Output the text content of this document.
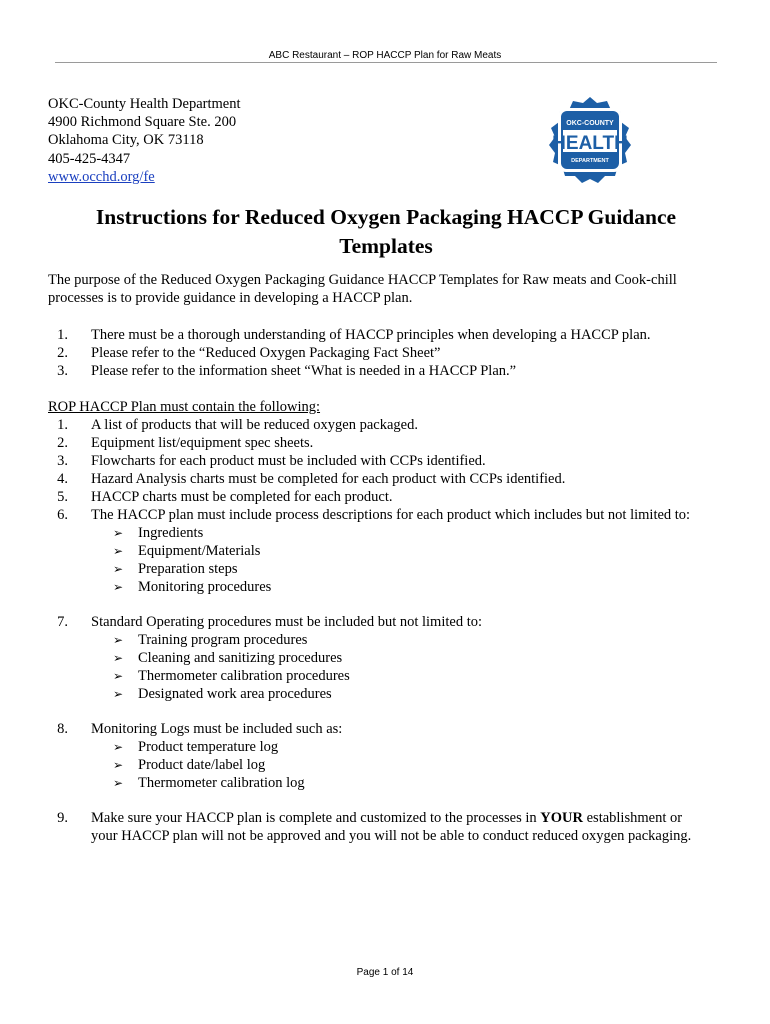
ABC Restaurant – ROP HACCP Plan for Raw Meats
OKC-County Health Department
4900 Richmond Square Ste. 200
Oklahoma City, OK 73118
405-425-4347
www.occhd.org/fe
OKC-COUNTY
HEALTH
DEPARTMENT
Instructions for Reduced Oxygen Packaging HACCP Guidance Templates
The purpose of the Reduced Oxygen Packaging Guidance HACCP Templates for Raw meats and Cook-chill processes is to provide guidance in developing a HACCP plan.
1. There must be a thorough understanding of HACCP principles when developing a HACCP plan.
2. Please refer to the “Reduced Oxygen Packaging Fact Sheet”
3. Please refer to the information sheet “What is needed in a HACCP Plan.”
ROP HACCP Plan must contain the following:
1. A list of products that will be reduced oxygen packaged.
2. Equipment list/equipment spec sheets.
3. Flowcharts for each product must be included with CCPs identified.
4. Hazard Analysis charts must be completed for each product with CCPs identified.
5. HACCP charts must be completed for each product.
6. The HACCP plan must include process descriptions for each product which includes but not limited to:
➢ Ingredients
➢ Equipment/Materials
➢ Preparation steps
➢ Monitoring procedures
7. Standard Operating procedures must be included but not limited to:
➢ Training program procedures
➢ Cleaning and sanitizing procedures
➢ Thermometer calibration procedures
➢ Designated work area procedures
8. Monitoring Logs must be included such as:
➢ Product temperature log
➢ Product date/label log
➢ Thermometer calibration log
9. Make sure your HACCP plan is complete and customized to the processes in YOUR establishment or
your HACCP plan will not be approved and you will not be able to conduct reduced oxygen packaging.
Page 1 of 14
